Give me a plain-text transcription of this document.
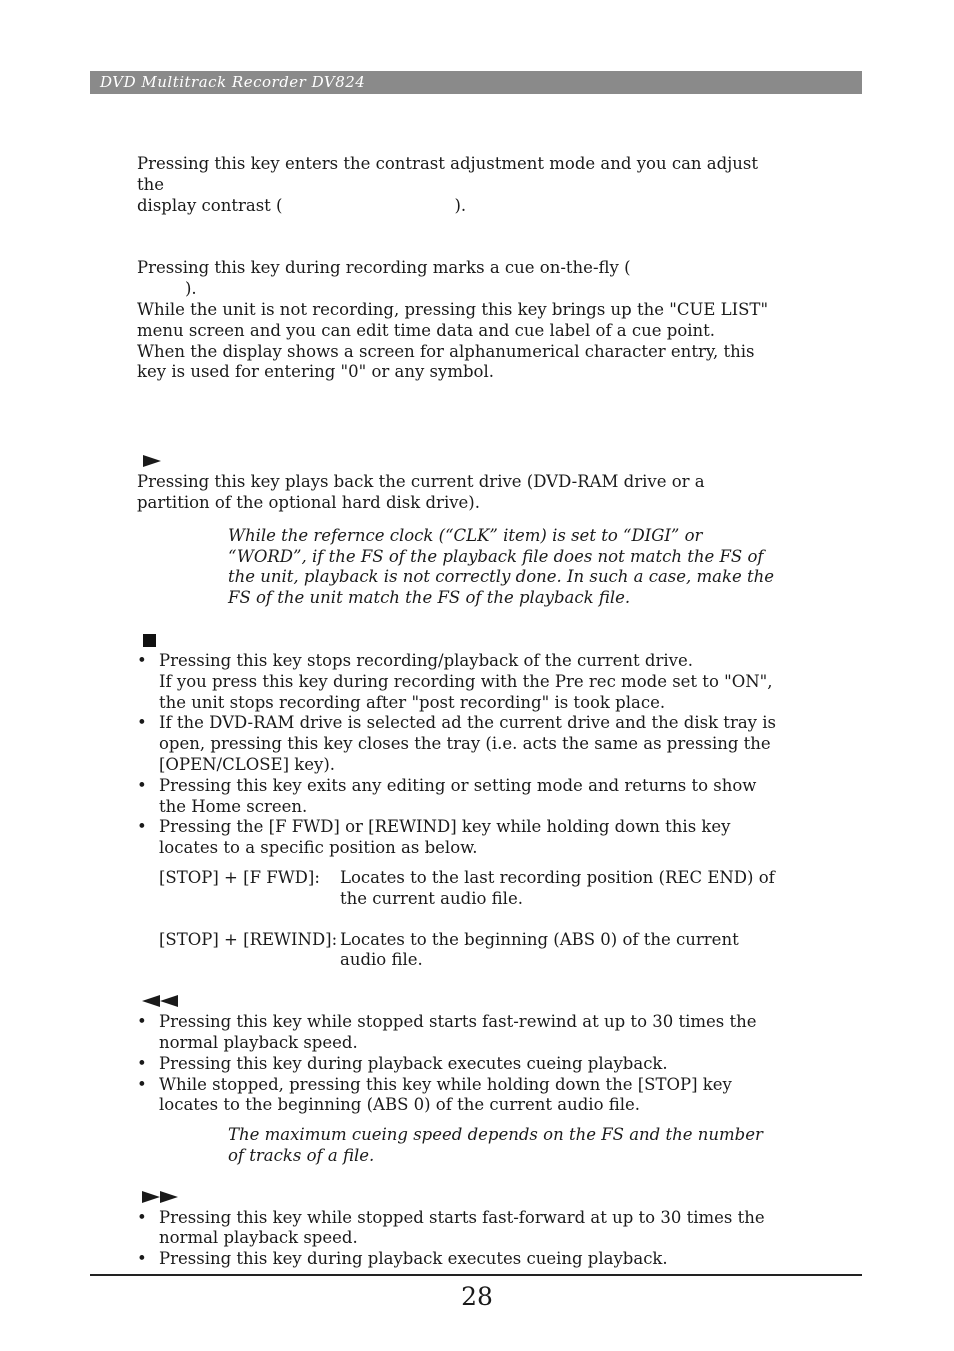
DVD Multitrack Recorder DV824

Pressing this key enters the contrast adjustment mode and you can adjust the
display contrast (	).

Pressing this key during recording marks a cue on-the-fly (
).

While the unit is not recording, pressing this key brings up the "CUE LIST" menu screen and you can edit time data and cue label of a cue point.

When the display shows a screen for alphanumerical character entry, this key is used for entering "0" or any symbol.

Pressing this key plays back the current drive (DVD-RAM drive or a partition of the optional hard disk drive).

While the refernce clock (“CLK” item) is set to “DIGI” or “WORD”, if the FS of the playback file does not match the FS of the unit, playback is not correctly done. In such a case, make the FS of the unit match the FS of the playback file.

• Pressing this key stops recording/playback of the current drive.
If you press this key during recording with the Pre rec mode set to "ON", the unit stops recording after "post recording" is took place.
• If the DVD-RAM drive is selected ad the current drive and the disk tray is open, pressing this key closes the tray (i.e. acts the same as pressing the [OPEN/CLOSE] key).
• Pressing this key exits any editing or setting mode and returns to show the Home screen.
• Pressing the [F FWD] or [REWIND] key while holding down this key locates to a specific position as below.
[STOP] + [F FWD]:	Locates to the last recording position (REC END) of the current audio file.
[STOP] + [REWIND]: Locates to the beginning (ABS 0) of the current audio file.
• Pressing this key while stopped starts fast-rewind at up to 30 times the normal playback speed.
• Pressing this key during playback executes cueing playback.
• While stopped, pressing this key while holding down the [STOP] key locates to the beginning (ABS 0) of the current audio file.

The maximum cueing speed depends on the FS and the number of tracks of a file.

• Pressing this key while stopped starts fast-forward at up to 30 times the normal playback speed.
• Pressing this key during playback executes cueing playback.
28
